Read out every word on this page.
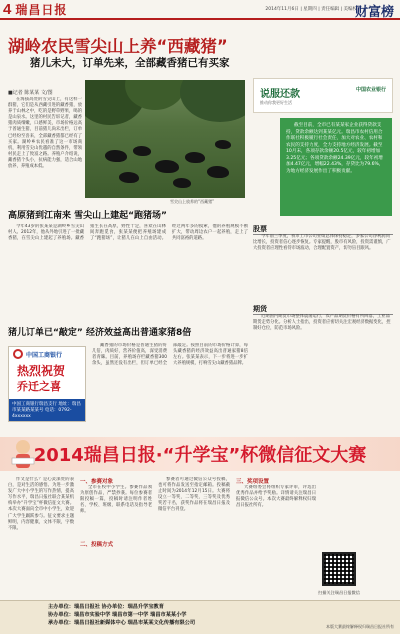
4 瑞昌日报	2014年11月6日 | 星期四 | 责任编辑 | 美编校
财富榜
湖岭农民雪尖山上养“西藏猪”
猪儿未大，订单先来，全部藏香猪已有买家
■记者 陈某某 文/图

在海拔高处的雪尖山上，有这样一群猪，它们是从西藏引进的藏香猪，放养于山林之中，吃的是野草野果，喝的是山泉水。这里的村民告诉记者，藏香猪肉质细嫩，口感鲜美，市场价格远高于普通生猪，目前猪儿尚未出栏，订单已经纷至沓来，全部藏香猪都已经有了买家。湖岭乡农民看准了这一市场商机，利用雪尖山优越的自然条件，带领村民走上了致富之路。养殖户介绍说，藏香猪个头小，抗病能力强，适合山地放养，养殖成本低。

雪尖山上放养的“西藏猪”
说服还款
推动你我更好生活
中国农业银行

截至目前，全市已有某某家企业获得贷款支持，贷款余额达到某某亿元。瑞昌市农村信用合作联社积极履行社会责任，加大对农业、农村和农民的支持力度，全力支持地方经济发展。截至10月末，各项存款余额20.5亿元，较年初增加3.25亿元；各项贷款余额24.39亿元，较年初增加4.47亿元，增幅22.43%，存贷比为79.6%，为地方经济发展作出了积极贡献。

股票

今年前三季度，我市上市公司业绩总体保持稳定，多家公司净利润同比增长，投资者信心逐步恢复。专家提醒，股市有风险，投资需谨慎，广大投资者应理性看待市场波动，合理配置资产，切勿盲目跟风。

期货

近期国内期货市场整体震荡运行，农产品期货价格有所回落，工业品期货走势分化。分析人士指出，投资者应密切关注宏观经济数据变化，控制好仓位，防范市场风险。

高原猪到江南来 雪尖山上建起“跑猪场”

今年43岁的张某某是湖岭乡雪尖山村人。2012年，他从外地引进了一批藏香猪，在雪尖山上建起了养殖场。藏香猪生长在高原，野性十足，喜欢在山林间奔跑觅食，张某某便把养殖场建成了“跑猪场”，让猪儿在山上自由活动。经过两年多的摸索，他的养殖规模不断扩大，带动周边农户一起养殖，走上了共同富裕的道路。

猪儿订单已“敲定” 经济效益高出普通家猪8倍

藏香猪的市场价格是普通生猪的好几倍，肉质好，营养价值高，深受消费者青睐。目前，养殖场存栏藏香猪300余头，虽然还没有出栏，但订单已经全部敲定。按照目前的市场价格计算，每头藏香猪的经济效益高出普通家猪8倍左右。张某某表示，下一步将进一步扩大养殖规模，打响雪尖山藏香猪品牌。

中国工商银行
热烈祝贺
乔迁之喜
中国工商银行瑞昌支行 地址：瑞昌市某某路某某号 电话：0792-4xxxxxx
2014瑞昌日报·“升学宝”杯微信征文大赛

作文是什么？是心灵深处的表白，是对生活的感悟。为进一步激发广大中小学生的写作热情，提高写作水平，瑞昌日报社联合某某机构举办“升学宝”杯微信征文大赛。本次大赛面向全市中小学生，欢迎广大学生踊跃参与。征文要求主题鲜明，内容健康，文体不限，字数不限。

一、参赛对象

全市在校中小学生。参赛作品须为原创作品，严禁抄袭。每位参赛者限投稿一篇，投稿时请注明作者姓名、学校、班级、联系电话及指导老师。

二、投稿方式

参赛者可通过微信公众号投稿，也可将作品发送至指定邮箱。投稿截止时间为2014年12月15日。大赛将设立一等奖、二等奖、三等奖及优秀奖若干名，获奖作品将在瑞昌日报及微信平台刊登。

三、奖项设置

大赛组委会将组织专家评审，评选出优秀作品并给予奖励。详情请关注瑞昌日报微信公众号。本次大赛最终解释权归瑞昌日报社所有。

扫描关注瑞昌日报微信
主办单位：瑞昌日报社 协办单位：瑞昌升学宝教育
协办单位：瑞昌市实验中学 瑞昌市第一中学 瑞昌市某某小学
承办单位：瑞昌日报社新媒体中心 瑞昌市某某文化传播有限公司
本版大赛最终解释权归瑞昌日报社所有
